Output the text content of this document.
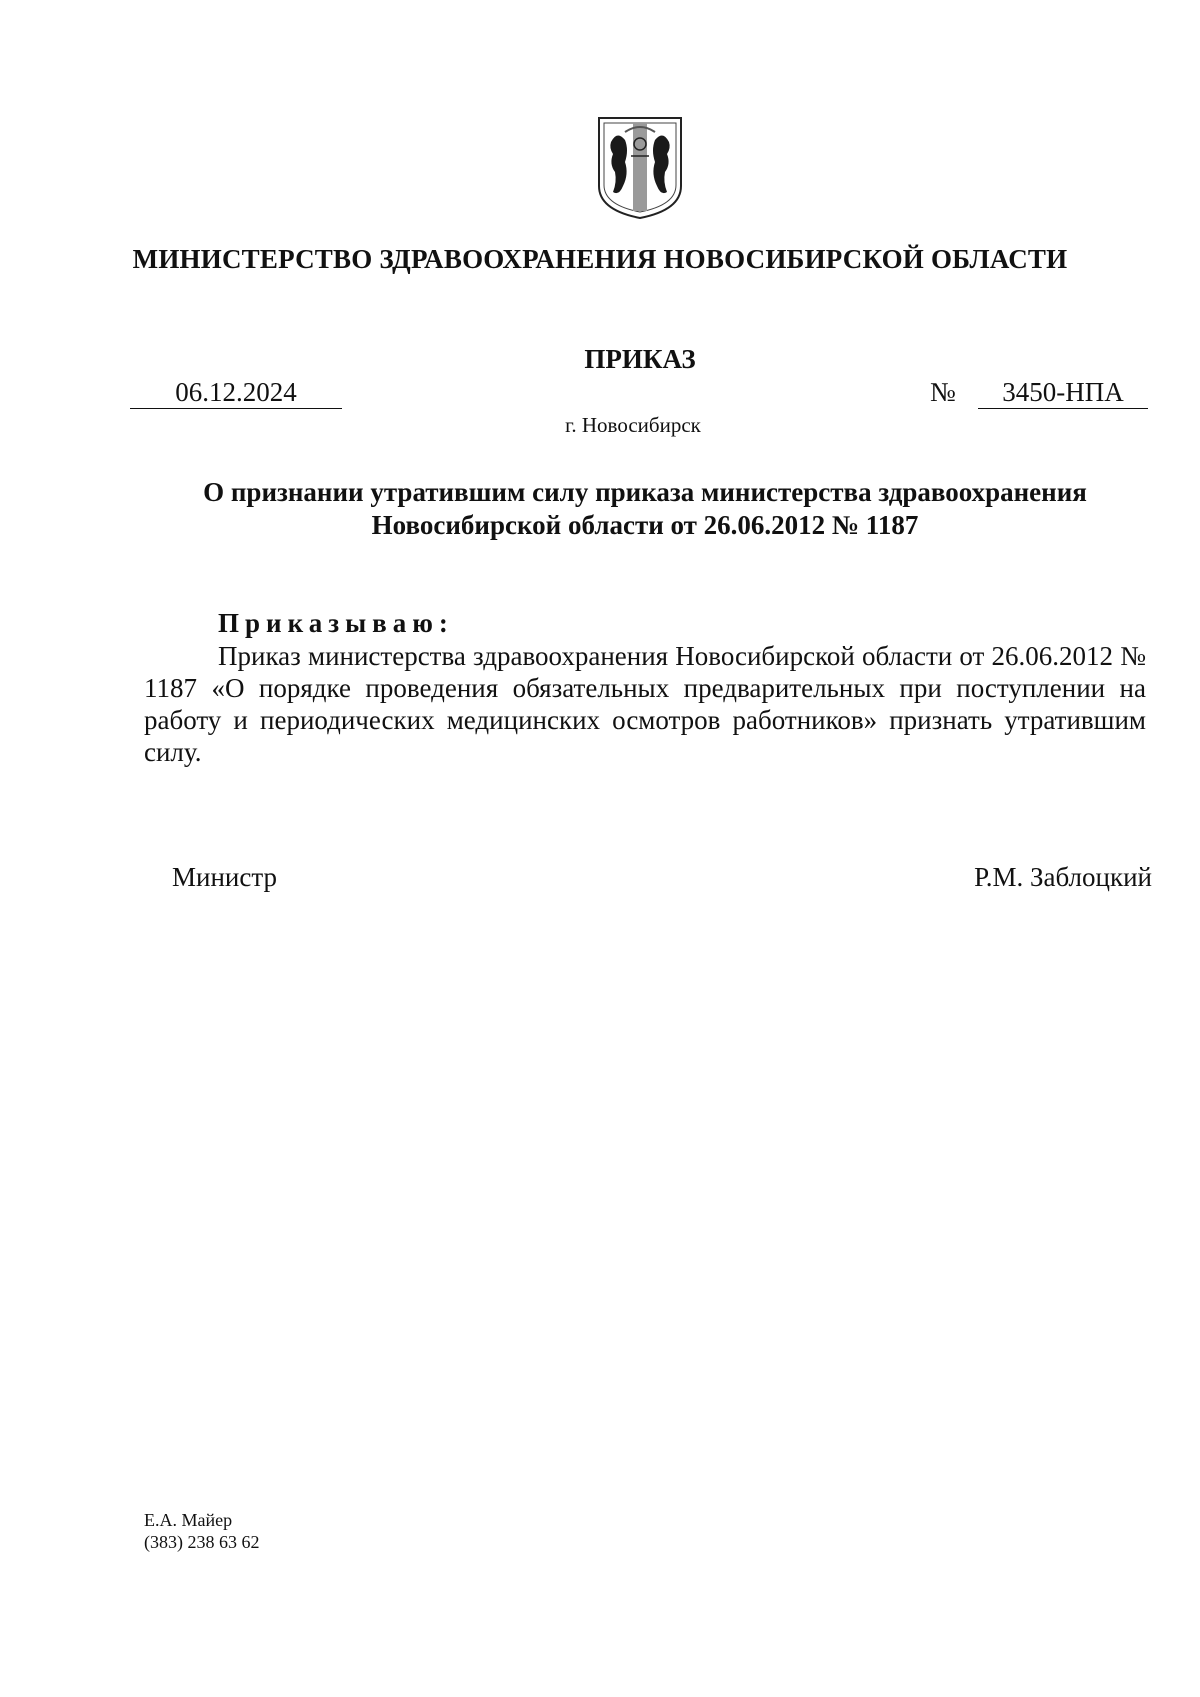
МИНИСТЕРСТВО ЗДРАВООХРАНЕНИЯ НОВОСИБИРСКОЙ ОБЛАСТИ
ПРИКАЗ
06.12.2024	№	3450-НПА
г. Новосибирск
О признании утратившим силу приказа министерства здравоохранения Новосибирской области от 26.06.2012 № 1187
Приказываю:
Приказ министерства здравоохранения Новосибирской области от 26.06.2012 № 1187 «О порядке проведения обязательных предварительных при поступлении на работу и периодических медицинских осмотров работников» признать утратившим силу.
Министр	Р.М. Заблоцкий
Е.А. Майер
(383) 238 63 62
